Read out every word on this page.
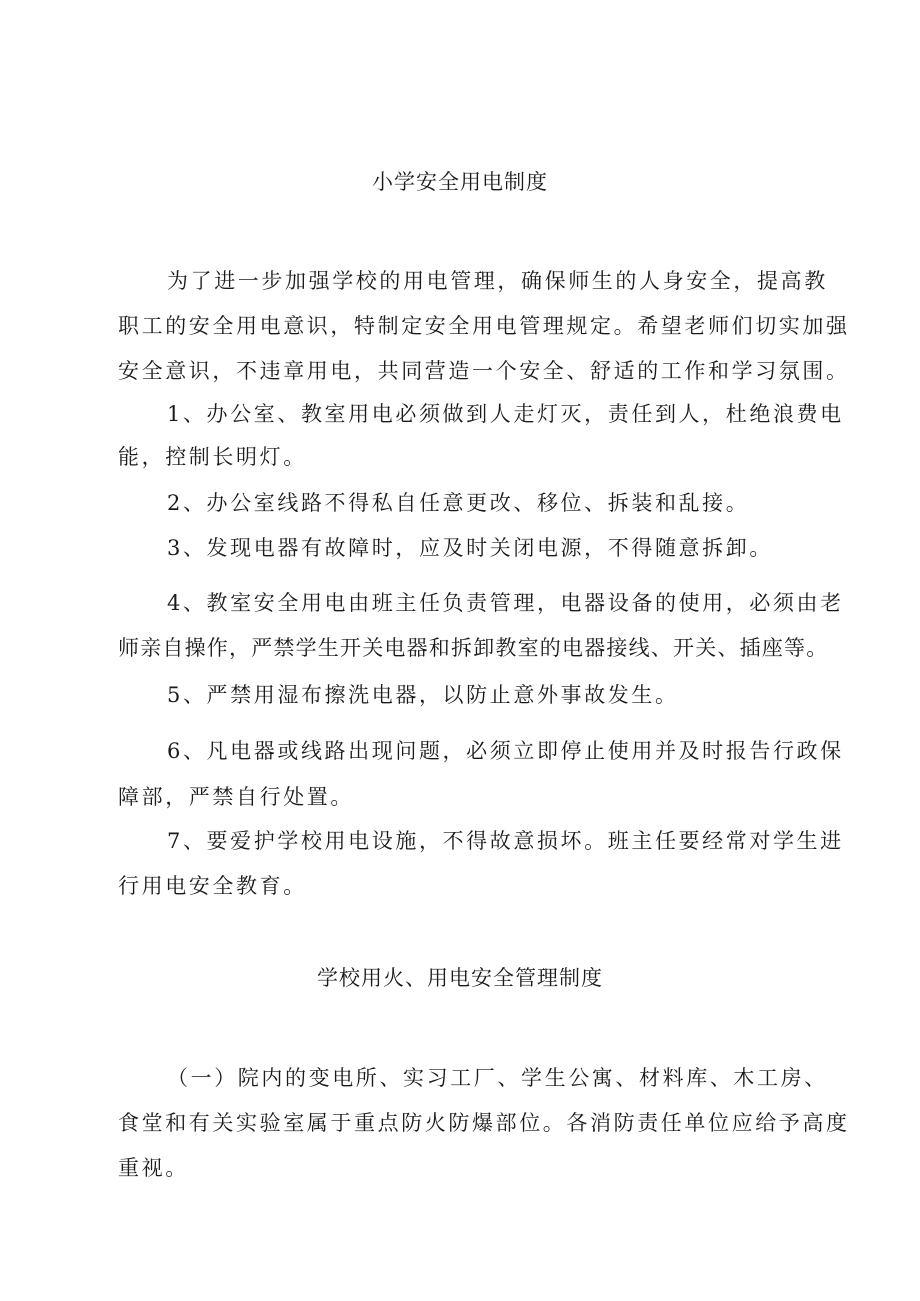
小学安全用电制度
为了进一步加强学校的用电管理，确保师生的人身安全，提高教
职工的安全用电意识，特制定安全用电管理规定。希望老师们切实加强
安全意识，不违章用电，共同营造一个安全、舒适的工作和学习氛围。
1、办公室、教室用电必须做到人走灯灭，责任到人，杜绝浪费电
能，控制长明灯。
2、办公室线路不得私自任意更改、移位、拆装和乱接。
3、发现电器有故障时，应及时关闭电源，不得随意拆卸。
4、教室安全用电由班主任负责管理，电器设备的使用，必须由老
师亲自操作，严禁学生开关电器和拆卸教室的电器接线、开关、插座等。
5、严禁用湿布擦洗电器，以防止意外事故发生。
6、凡电器或线路出现问题，必须立即停止使用并及时报告行政保
障部，严禁自行处置。
7、要爱护学校用电设施，不得故意损坏。班主任要经常对学生进
行用电安全教育。
学校用火、用电安全管理制度
（一）院内的变电所、实习工厂、学生公寓、材料库、木工房、
食堂和有关实验室属于重点防火防爆部位。各消防责任单位应给予高度
重视。
